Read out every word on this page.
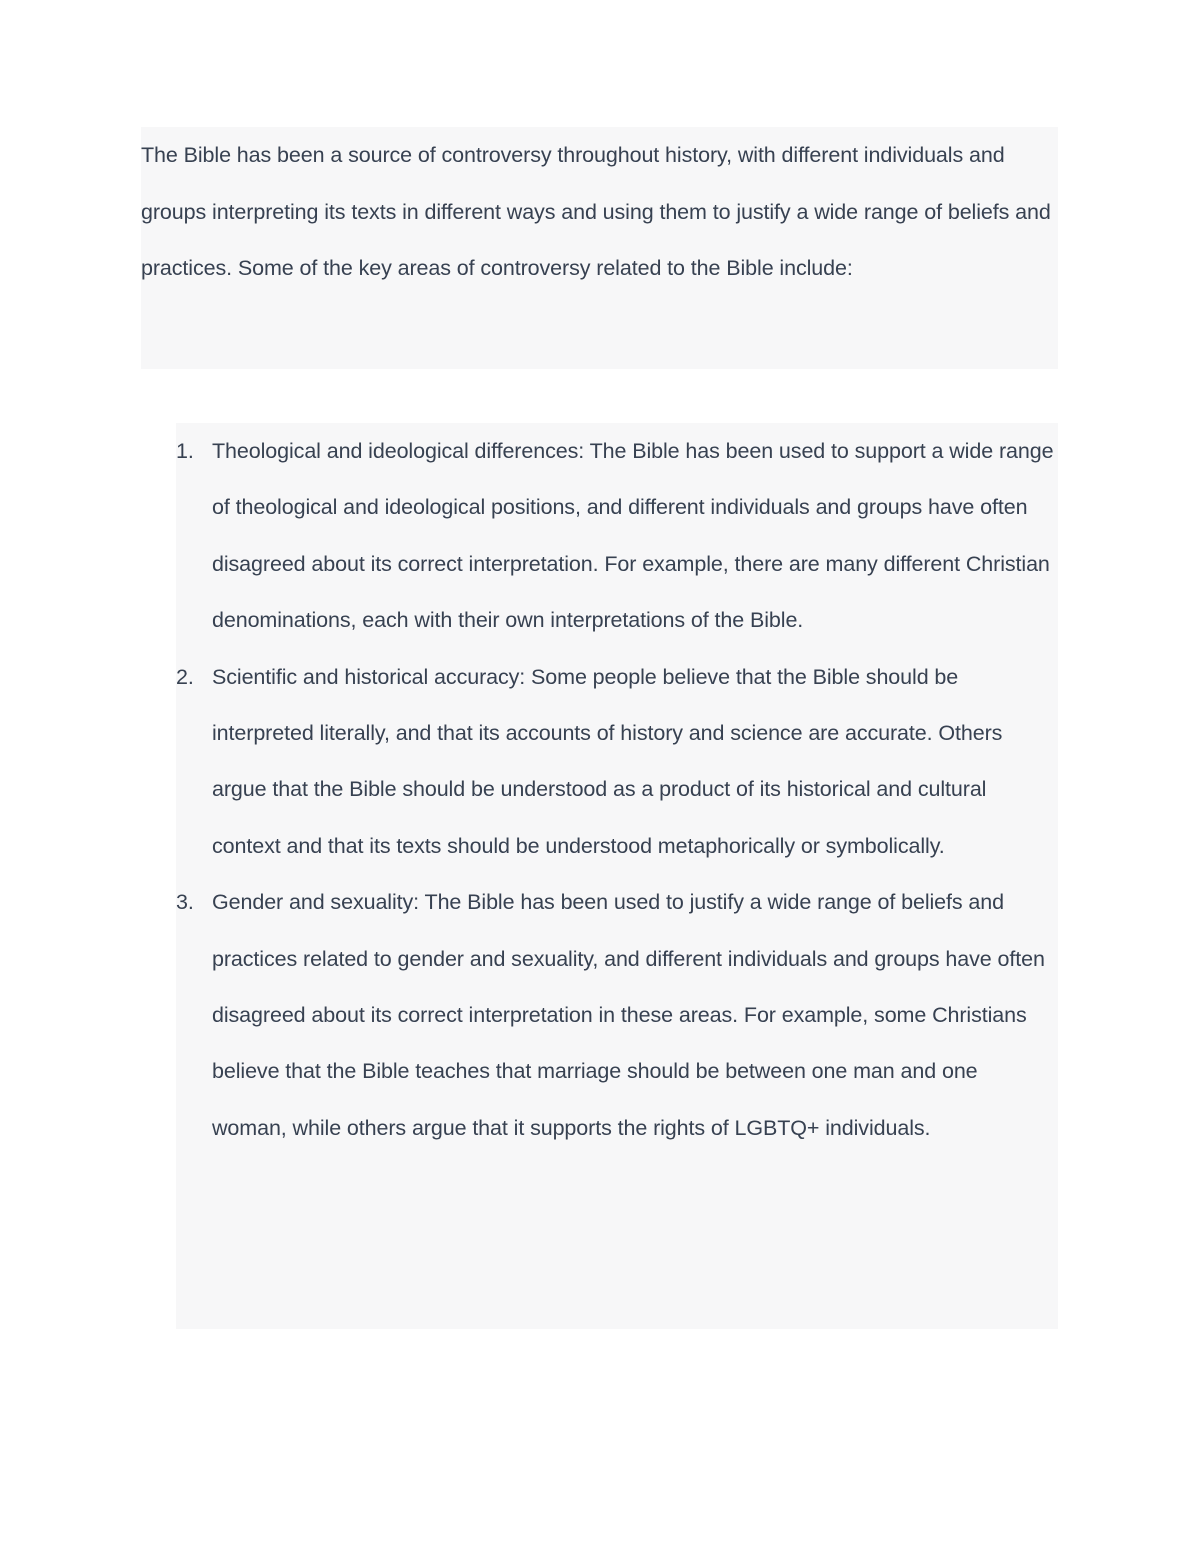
The Bible has been a source of controversy throughout history, with different individuals and groups interpreting its texts in different ways and using them to justify a wide range of beliefs and practices. Some of the key areas of controversy related to the Bible include:

1. Theological and ideological differences: The Bible has been used to support a wide range of theological and ideological positions, and different individuals and groups have often disagreed about its correct interpretation. For example, there are many different Christian denominations, each with their own interpretations of the Bible.
2. Scientific and historical accuracy: Some people believe that the Bible should be interpreted literally, and that its accounts of history and science are accurate. Others argue that the Bible should be understood as a product of its historical and cultural context and that its texts should be understood metaphorically or symbolically.
3. Gender and sexuality: The Bible has been used to justify a wide range of beliefs and practices related to gender and sexuality, and different individuals and groups have often disagreed about its correct interpretation in these areas. For example, some Christians believe that the Bible teaches that marriage should be between one man and one woman, while others argue that it supports the rights of LGBTQ+ individuals.
